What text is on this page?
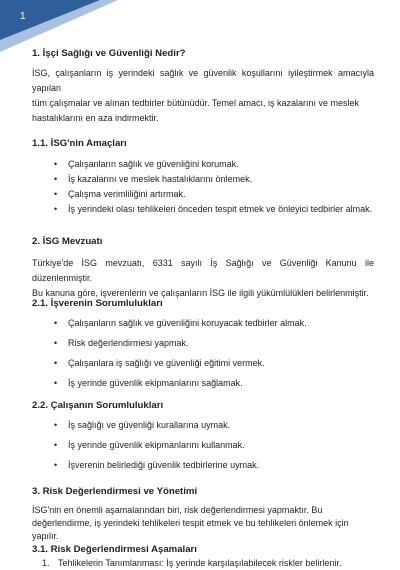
1
1. İşçi Sağlığı ve Güvenliği Nedir?
İSG, çalışanların iş yerindeki sağlık ve güvenlik koşullarını iyileştirmek amacıyla yapılan
tüm çalışmalar ve alınan tedbirler bütünüdür. Temel amacı, iş kazalarını ve meslek
hastalıklarını en aza indirmektir.
1.1. İSG'nin Amaçları
• Çalışanların sağlık ve güvenliğini korumak.
• İş kazalarını ve meslek hastalıklarını önlemek.
• Çalışma verimliliğini artırmak.
• İş yerindeki olası tehlikeleri önceden tespit etmek ve önleyici tedbirler almak.
2. İSG Mevzuatı
Türkiye'de İSG mevzuatı, 6331 sayılı İş Sağlığı ve Güvenliği Kanunu ile düzenlenmiştir.
Bu kanuna göre, işverenlerin ve çalışanların İSG ile ilgili yükümlülükleri belirlenmiştir.
2.1. İşverenin Sorumlulukları
• Çalışanların sağlık ve güvenliğini koruyacak tedbirler almak.
• Risk değerlendirmesi yapmak.
• Çalışanlara iş sağlığı ve güvenliği eğitimi vermek.
• İş yerinde güvenlik ekipmanlarını sağlamak.
2.2. Çalışanın Sorumlulukları
• İş sağlığı ve güvenliği kurallarına uymak.
• İş yerinde güvenlik ekipmanlarını kullanmak.
• İşverenin belirlediği güvenlik tedbirlerine uymak.
3. Risk Değerlendirmesi ve Yönetimi
İSG'nin en önemli aşamalarından biri, risk değerlendirmesi yapmaktır. Bu
değerlendirme, iş yerindeki tehlikeleri tespit etmek ve bu tehlikeleri önlemek için
yapılır.
3.1. Risk Değerlendirmesi Aşamaları
1. Tehlikelerin Tanımlanması: İş yerinde karşılaşılabilecek riskler belirlenir.
